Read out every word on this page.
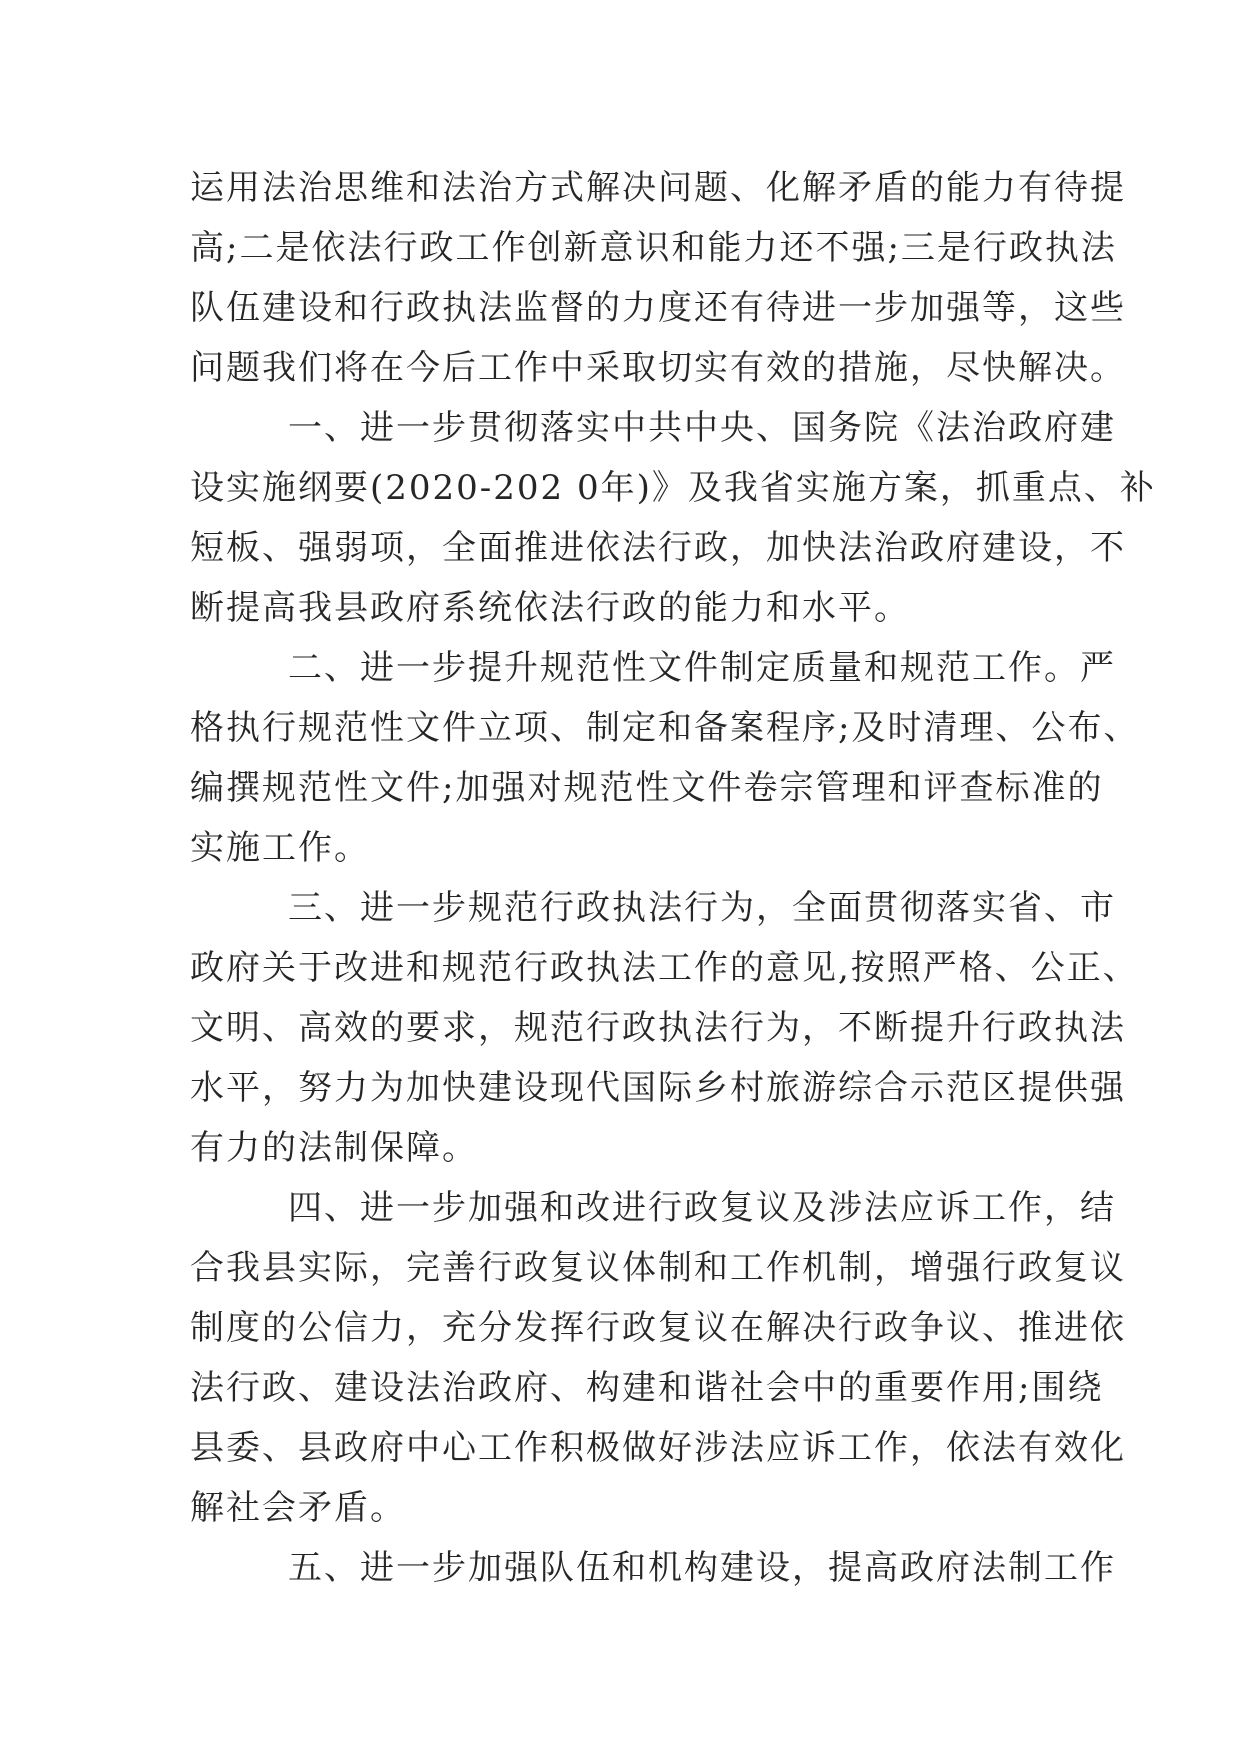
运用法治思维和法治方式解决问题、化解矛盾的能力有待提
高;二是依法行政工作创新意识和能力还不强;三是行政执法
队伍建设和行政执法监督的力度还有待进一步加强等，这些
问题我们将在今后工作中采取切实有效的措施，尽快解决。
一、进一步贯彻落实中共中央、国务院《法治政府建
设实施纲要(2020-202 0年)》及我省实施方案，抓重点、补
短板、强弱项，全面推进依法行政，加快法治政府建设，不
断提高我县政府系统依法行政的能力和水平。
二、进一步提升规范性文件制定质量和规范工作。严
格执行规范性文件立项、制定和备案程序;及时清理、公布、
编撰规范性文件;加强对规范性文件卷宗管理和评查标准的
实施工作。
三、进一步规范行政执法行为，全面贯彻落实省、市
政府关于改进和规范行政执法工作的意见,按照严格、公正、
文明、高效的要求，规范行政执法行为，不断提升行政执法
水平，努力为加快建设现代国际乡村旅游综合示范区提供强
有力的法制保障。
四、进一步加强和改进行政复议及涉法应诉工作，结
合我县实际，完善行政复议体制和工作机制，增强行政复议
制度的公信力，充分发挥行政复议在解决行政争议、推进依
法行政、建设法治政府、构建和谐社会中的重要作用;围绕
县委、县政府中心工作积极做好涉法应诉工作，依法有效化
解社会矛盾。
五、进一步加强队伍和机构建设，提高政府法制工作
